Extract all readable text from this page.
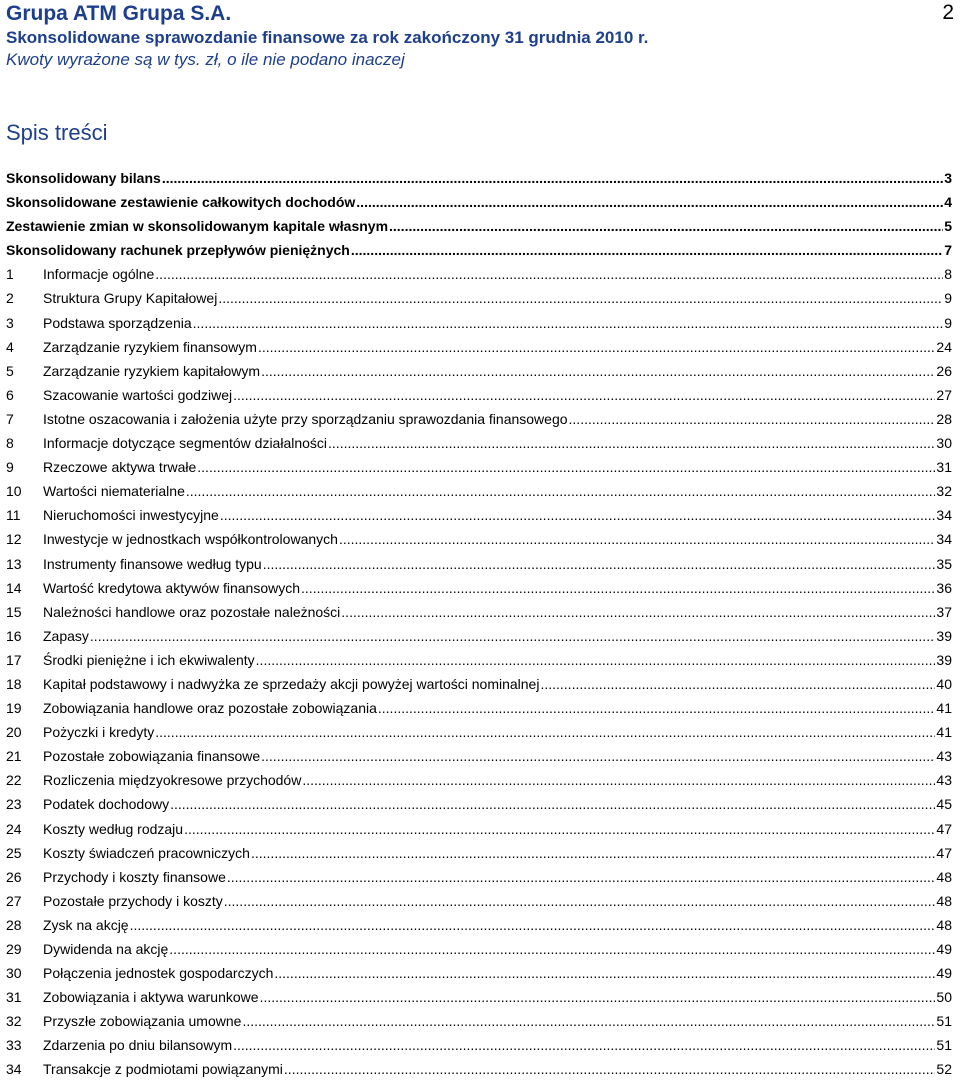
Grupa ATM Grupa S.A.
Skonsolidowane sprawozdanie finansowe za rok zakończony 31 grudnia 2010 r.
Kwoty wyrażone są w tys. zł, o ile nie podano inaczej
2
Spis treści
Skonsolidowany bilans .....	3
Skonsolidowane zestawienie całkowitych dochodów .....	4
Zestawienie zmian w skonsolidowanym kapitale własnym .....	5
Skonsolidowany rachunek przepływów pieniężnych .....	7
1	Informacje ogólne .....	8
2	Struktura Grupy Kapitałowej .....	9
3	Podstawa sporządzenia .....	9
4	Zarządzanie ryzykiem finansowym .....	24
5	Zarządzanie ryzykiem kapitałowym .....	26
6	Szacowanie wartości godziwej .....	27
7	Istotne oszacowania i założenia użyte przy sporządzaniu sprawozdania finansowego .....	28
8	Informacje dotyczące segmentów działalności .....	30
9	Rzeczowe aktywa trwałe .....	31
10	Wartości niematerialne .....	32
11	Nieruchomości inwestycyjne .....	34
12	Inwestycje w jednostkach współkontrolowanych .....	34
13	Instrumenty finansowe według typu .....	35
14	Wartość kredytowa aktywów finansowych .....	36
15	Należności handlowe oraz pozostałe należności .....	37
16	Zapasy .....	39
17	Środki pieniężne i ich ekwiwalenty .....	39
18	Kapitał podstawowy i nadwyżka ze sprzedaży akcji powyżej wartości nominalnej .....	40
19	Zobowiązania handlowe oraz pozostałe zobowiązania .....	41
20	Pożyczki i kredyty .....	41
21	Pozostałe zobowiązania finansowe .....	43
22	Rozliczenia międzyokresowe przychodów .....	43
23	Podatek dochodowy .....	45
24	Koszty według rodzaju .....	47
25	Koszty świadczeń pracowniczych .....	47
26	Przychody i koszty finansowe .....	48
27	Pozostałe przychody i koszty .....	48
28	Zysk na akcję .....	48
29	Dywidenda na akcję .....	49
30	Połączenia jednostek gospodarczych .....	49
31	Zobowiązania i aktywa warunkowe .....	50
32	Przyszłe zobowiązania umowne .....	51
33	Zdarzenia po dniu bilansowym .....	51
34	Transakcje z podmiotami powiązanymi .....	52
